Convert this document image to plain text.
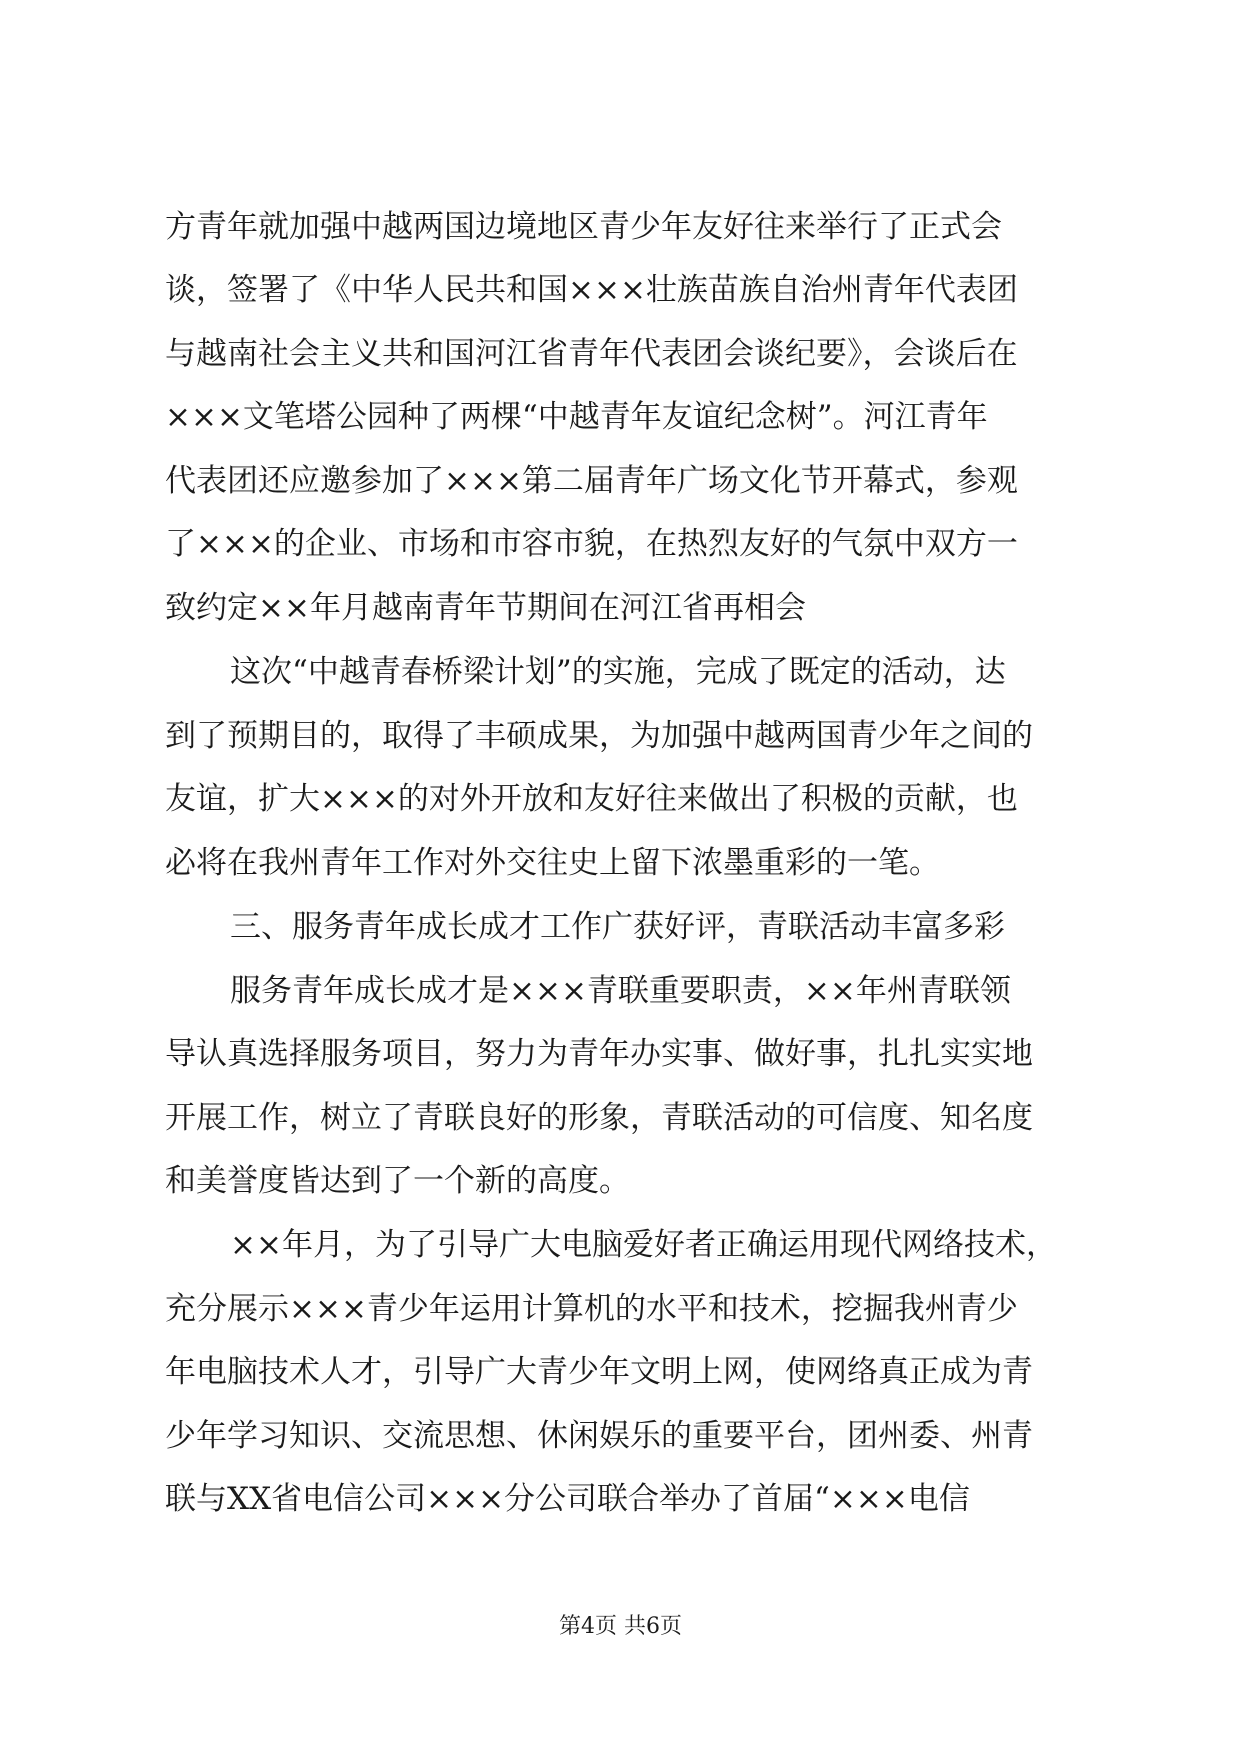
方青年就加强中越两国边境地区青少年友好往来举行了正式会
谈，签署了《中华人民共和国×××壮族苗族自治州青年代表团
与越南社会主义共和国河江省青年代表团会谈纪要》，会谈后在
×××文笔塔公园种了两棵“中越青年友谊纪念树”。河江青年
代表团还应邀参加了×××第二届青年广场文化节开幕式，参观
了×××的企业、市场和市容市貌，在热烈友好的气氛中双方一
致约定××年月越南青年节期间在河江省再相会
这次“中越青春桥梁计划”的实施，完成了既定的活动，达
到了预期目的，取得了丰硕成果，为加强中越两国青少年之间的
友谊，扩大×××的对外开放和友好往来做出了积极的贡献，也
必将在我州青年工作对外交往史上留下浓墨重彩的一笔。
三、服务青年成长成才工作广获好评，青联活动丰富多彩
服务青年成长成才是×××青联重要职责，××年州青联领
导认真选择服务项目，努力为青年办实事、做好事，扎扎实实地
开展工作，树立了青联良好的形象，青联活动的可信度、知名度
和美誉度皆达到了一个新的高度。
××年月，为了引导广大电脑爱好者正确运用现代网络技术，
充分展示×××青少年运用计算机的水平和技术，挖掘我州青少
年电脑技术人才，引导广大青少年文明上网，使网络真正成为青
少年学习知识、交流思想、休闲娱乐的重要平台，团州委、州青
联与XX省电信公司×××分公司联合举办了首届“×××电信
第4页 共6页
